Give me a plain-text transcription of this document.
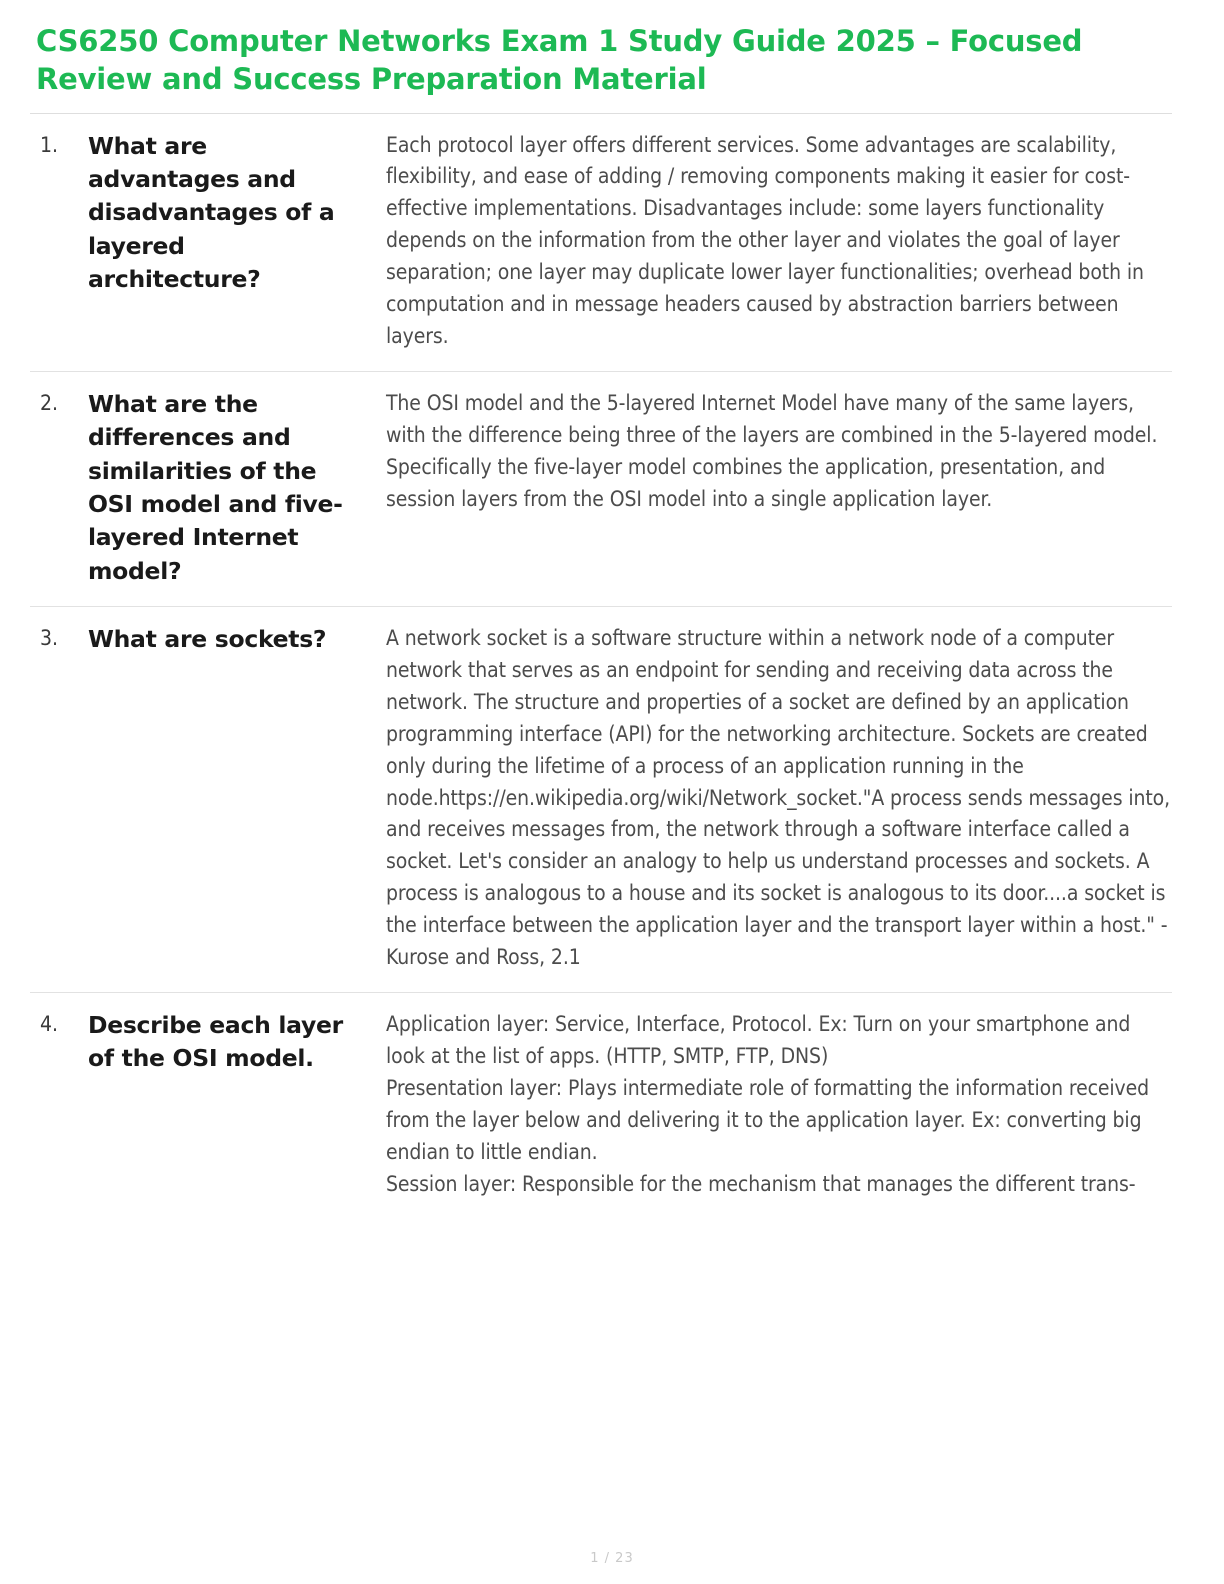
CS6250 Computer Networks Exam 1 Study Guide 2025 – Focused Review and Success Preparation Material
1.	What are advantages and disadvantages of a layered architecture?	Each protocol layer offers different services. Some advantages are scalability, flexibility, and ease of adding / removing components making it easier for cost-effective implementations. Disadvantages include: some layers functionality depends on the information from the other layer and violates the goal of layer separation; one layer may duplicate lower layer functionalities; overhead both in computation and in message headers caused by abstraction barriers between layers.
2.	What are the differences and similarities of the OSI model and five-layered Internet model?	The OSI model and the 5-layered Internet Model have many of the same layers, with the difference being three of the layers are combined in the 5-layered model. Specifically the five-layer model combines the application, presentation, and session layers from the OSI model into a single application layer.
3.	What are sockets?	A network socket is a software structure within a network node of a computer network that serves as an endpoint for sending and receiving data across the network. The structure and properties of a socket are defined by an application programming interface (API) for the networking architecture. Sockets are created only during the lifetime of a process of an application running in the node.https://en.wikipedia.org/wiki/Network_socket."A process sends messages into, and receives messages from, the network through a software interface called a socket. Let's consider an analogy to help us understand processes and sockets. A process is analogous to a house and its socket is analogous to its door....a socket is the interface between the application layer and the transport layer within a host." - Kurose and Ross, 2.1
4.	Describe each layer of the OSI model.	Application layer: Service, Interface, Protocol. Ex: Turn on your smartphone and look at the list of apps. (HTTP, SMTP, FTP, DNS)

Presentation layer: Plays intermediate role of formatting the information received from the layer below and delivering it to the application layer. Ex: converting big endian to little endian.

Session layer: Responsible for the mechanism that manages the different trans-

1 / 23
